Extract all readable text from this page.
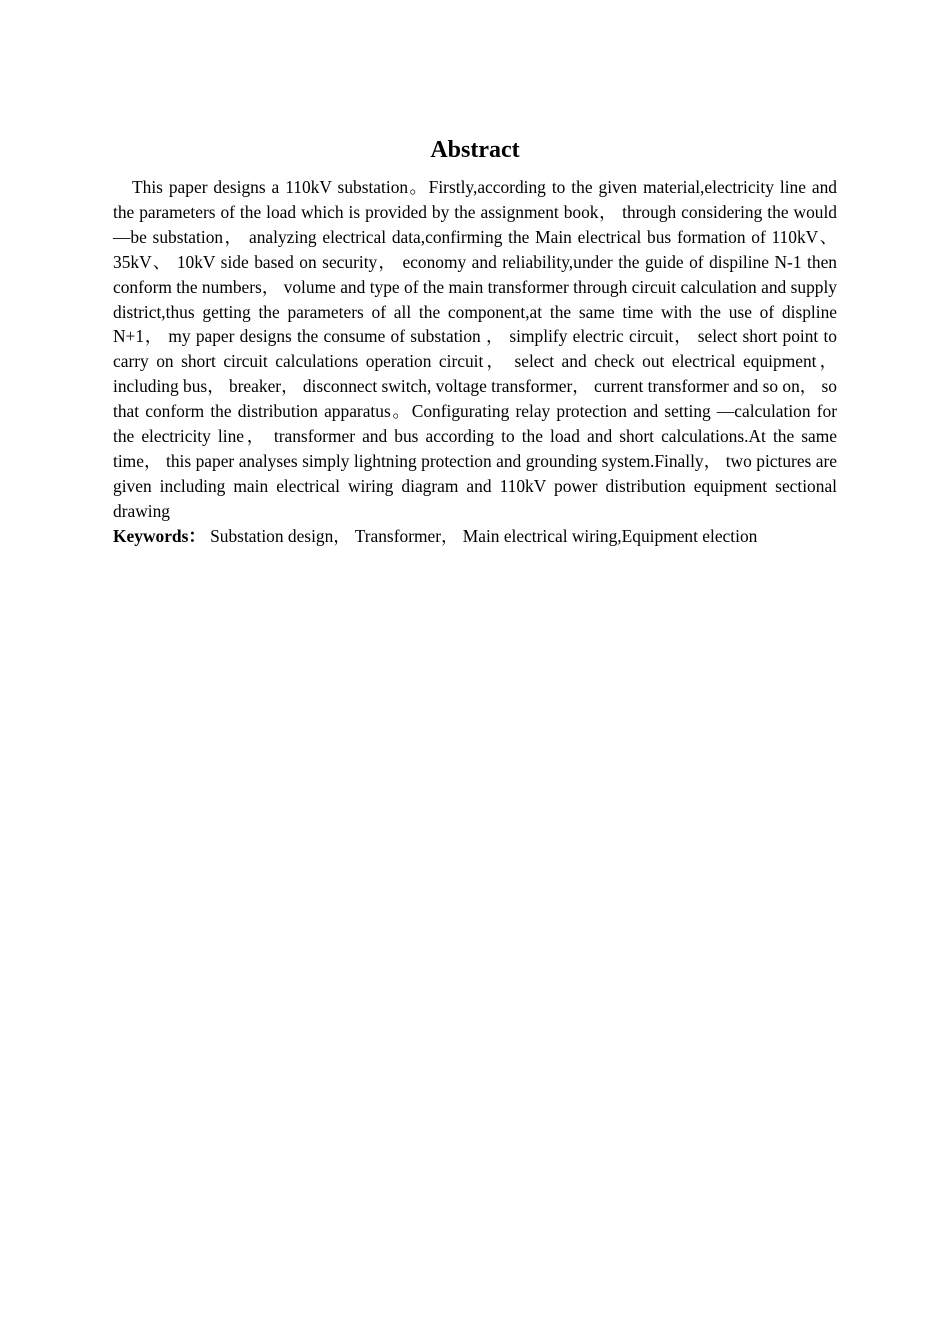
Abstract

This paper designs a 110kV substation。Firstly,according to the given material,electricity line and the parameters of the load which is provided by the assignment book， through considering the would—be substation， analyzing electrical data,confirming the Main electrical bus formation of 110kV、 35kV、 10kV side based on security， economy and reliability,under the guide of dispiline N-1 then conform the numbers， volume and type of the main transformer through circuit calculation and supply district,thus getting the parameters of all the component,at the same time with the use of displine N+1， my paper designs the consume of substation ， simplify electric circuit， select short point to carry on short circuit calculations operation circuit， select and check out electrical equipment， including bus， breaker， disconnect switch, voltage transformer， current transformer and so on， so that conform the distribution apparatus。Configurating relay protection and setting —calculation for the electricity line， transformer and bus according to the load and short calculations.At the same time， this paper analyses simply lightning protection and grounding system.Finally， two pictures are given including main electrical wiring diagram and 110kV power distribution equipment sectional drawing

Keywords： Substation design， Transformer， Main electrical wiring,Equipment election
